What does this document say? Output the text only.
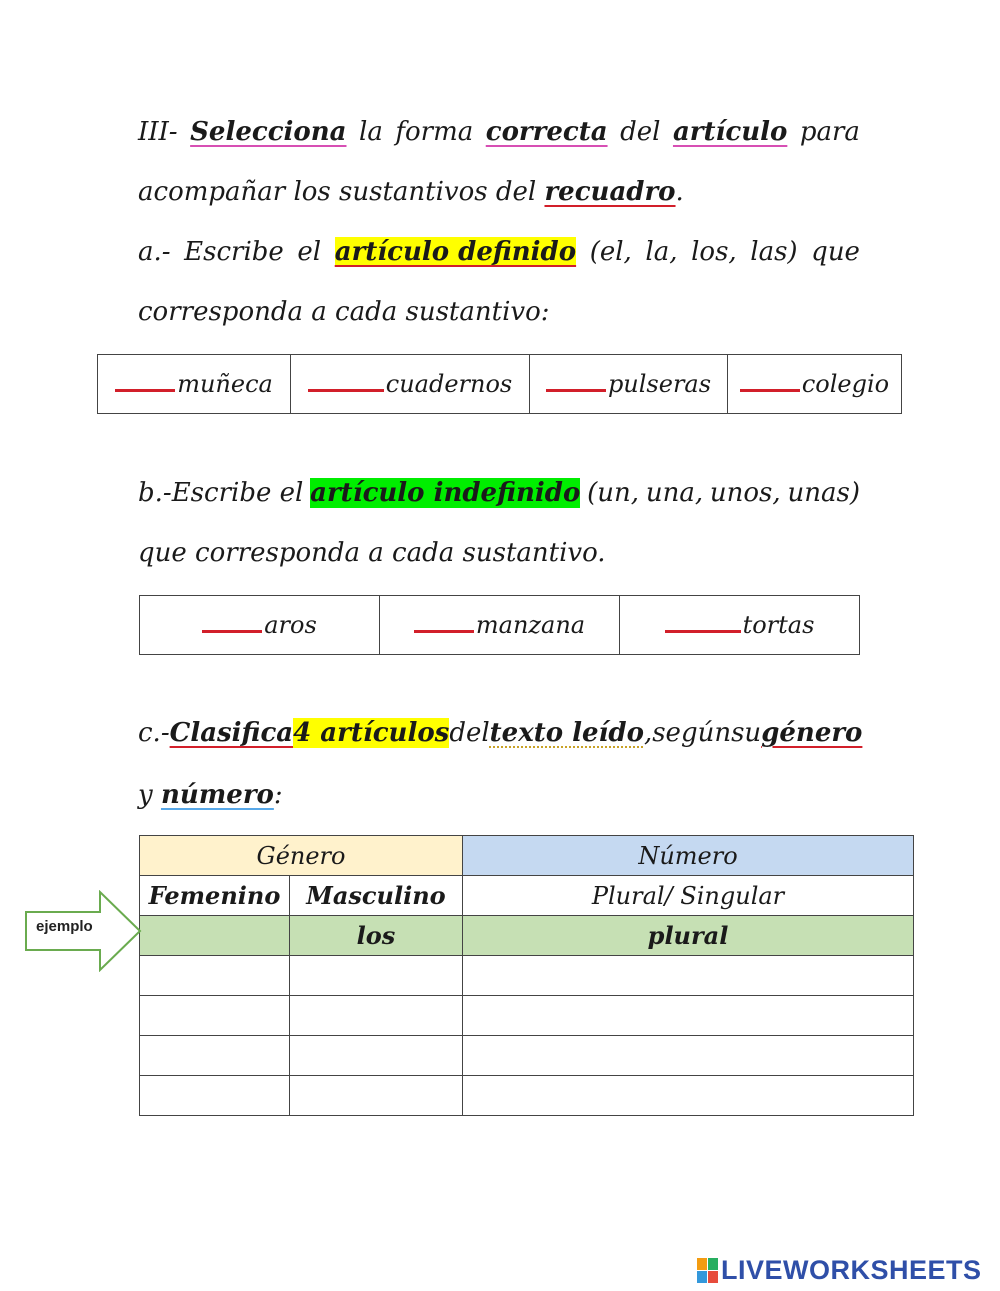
III- Selecciona la forma correcta del artículo para
acompañar los sustantivos del recuadro.
a.- Escribe el artículo definido (el, la, los, las) que
corresponda a cada sustantivo:
muñeca	cuadernos	pulseras	colegio
b.-Escribe el artículo indefinido (un, una, unos, unas)
que corresponda a cada sustantivo.
aros	manzana	tortas
c.-Clasifica 4 artículos del texto leído, según su género
y número:
Género		Número
Femenino	Masculino	Plural/ Singular
	los	plural

ejemplo
LIVEWORKSHEETS
